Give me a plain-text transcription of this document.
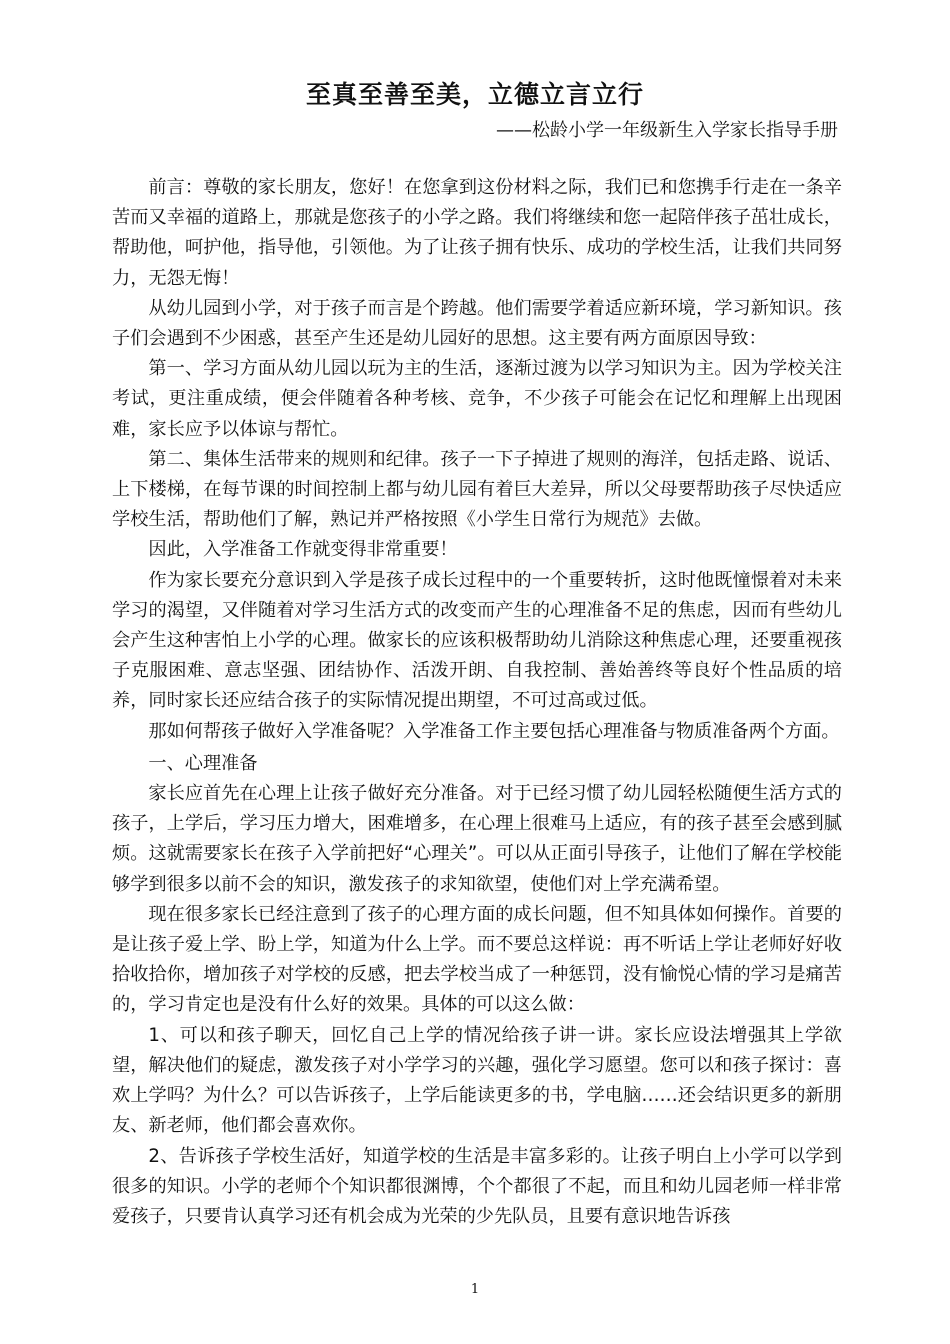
至真至善至美，立德立言立行
——松龄小学一年级新生入学家长指导手册

前言：尊敬的家长朋友，您好！在您拿到这份材料之际，我们已和您携手行走在一条辛苦而又幸福的道路上，那就是您孩子的小学之路。我们将继续和您一起陪伴孩子茁壮成长，帮助他，呵护他，指导他，引领他。为了让孩子拥有快乐、成功的学校生活，让我们共同努力，无怨无悔！

从幼儿园到小学，对于孩子而言是个跨越。他们需要学着适应新环境，学习新知识。孩子们会遇到不少困惑，甚至产生还是幼儿园好的思想。这主要有两方面原因导致：

第一、学习方面从幼儿园以玩为主的生活，逐渐过渡为以学习知识为主。因为学校关注考试，更注重成绩，便会伴随着各种考核、竞争，不少孩子可能会在记忆和理解上出现困难，家长应予以体谅与帮忙。

第二、集体生活带来的规则和纪律。孩子一下子掉进了规则的海洋，包括走路、说话、上下楼梯，在每节课的时间控制上都与幼儿园有着巨大差异，所以父母要帮助孩子尽快适应学校生活，帮助他们了解，熟记并严格按照《小学生日常行为规范》去做。

因此，入学准备工作就变得非常重要！

作为家长要充分意识到入学是孩子成长过程中的一个重要转折，这时他既憧憬着对未来学习的渴望，又伴随着对学习生活方式的改变而产生的心理准备不足的焦虑，因而有些幼儿会产生这种害怕上小学的心理。做家长的应该积极帮助幼儿消除这种焦虑心理，还要重视孩子克服困难、意志坚强、团结协作、活泼开朗、自我控制、善始善终等良好个性品质的培养，同时家长还应结合孩子的实际情况提出期望，不可过高或过低。

那如何帮孩子做好入学准备呢？入学准备工作主要包括心理准备与物质准备两个方面。

一、心理准备

家长应首先在心理上让孩子做好充分准备。对于已经习惯了幼儿园轻松随便生活方式的孩子，上学后，学习压力增大，困难增多，在心理上很难马上适应，有的孩子甚至会感到腻烦。这就需要家长在孩子入学前把好“心理关”。可以从正面引导孩子，让他们了解在学校能够学到很多以前不会的知识，激发孩子的求知欲望，使他们对上学充满希望。

现在很多家长已经注意到了孩子的心理方面的成长问题，但不知具体如何操作。首要的是让孩子爱上学、盼上学，知道为什么上学。而不要总这样说：再不听话上学让老师好好收拾收拾你，增加孩子对学校的反感，把去学校当成了一种惩罚，没有愉悦心情的学习是痛苦的，学习肯定也是没有什么好的效果。具体的可以这么做：

1、可以和孩子聊天，回忆自己上学的情况给孩子讲一讲。家长应设法增强其上学欲望，解决他们的疑虑，激发孩子对小学学习的兴趣，强化学习愿望。您可以和孩子探讨：喜欢上学吗？为什么？可以告诉孩子，上学后能读更多的书，学电脑……还会结识更多的新朋友、新老师，他们都会喜欢你。

2、告诉孩子学校生活好，知道学校的生活是丰富多彩的。让孩子明白上小学可以学到很多的知识。小学的老师个个知识都很渊博，个个都很了不起，而且和幼儿园老师一样非常爱孩子，只要肯认真学习还有机会成为光荣的少先队员，且要有意识地告诉孩

1
